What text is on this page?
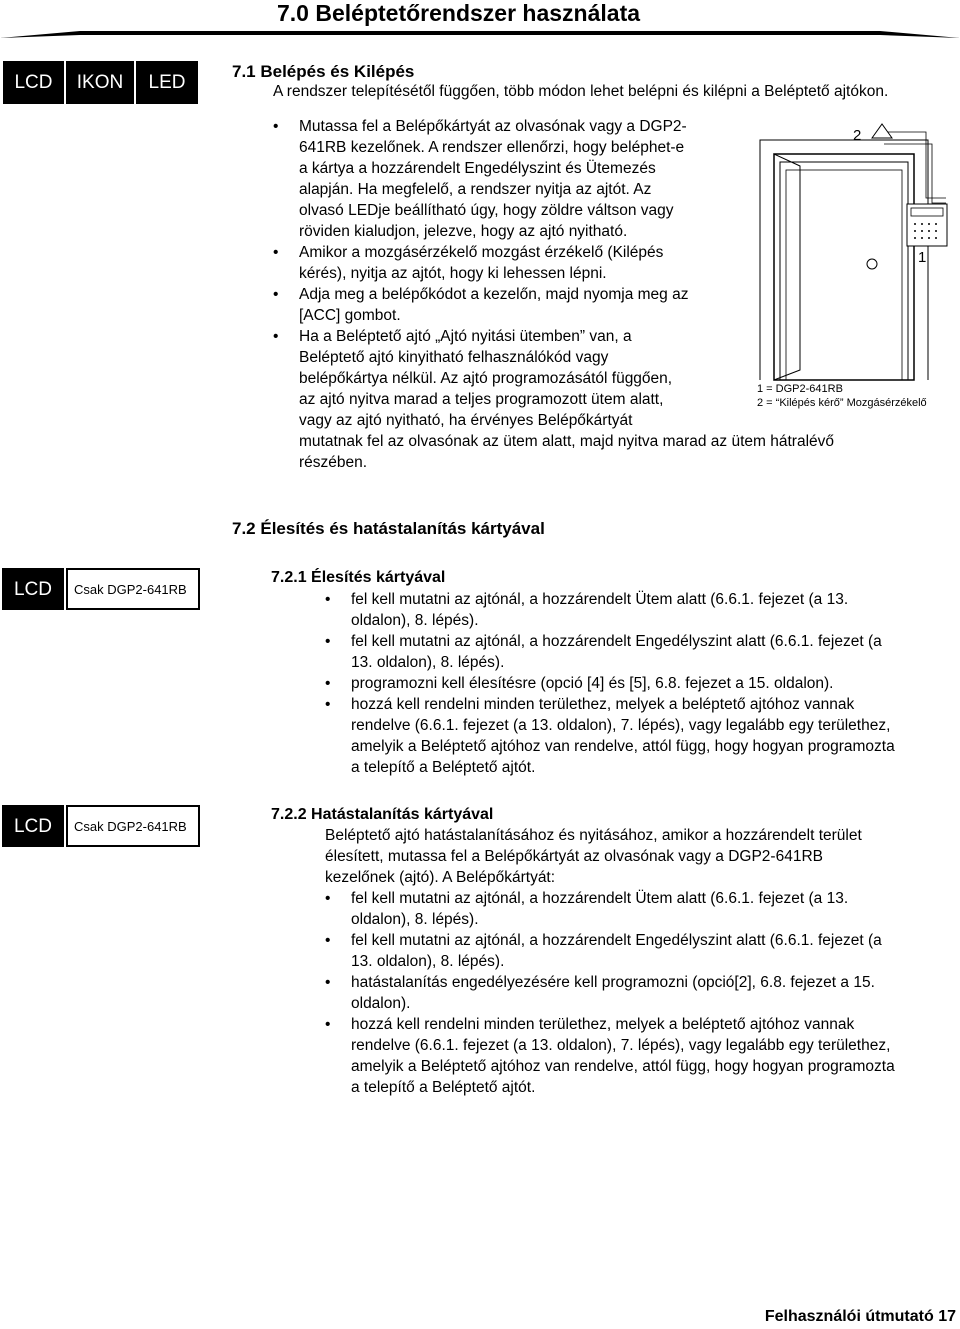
7.0 Beléptetőrendszer használata
LCD	IKON	LED
7.1 Belépés és Kilépés
A rendszer telepítésétől függően, több módon lehet belépni és kilépni a Beléptető ajtókon.
• Mutassa fel a Belépőkártyát az olvasónak vagy a DGP2-
641RB kezelőnek. A rendszer ellenőrzi, hogy beléphet-e
a kártya a hozzárendelt Engedélyszint és Ütemezés
alapján. Ha megfelelő, a rendszer nyitja az ajtót. Az
olvasó LEDje beállítható úgy, hogy zöldre váltson vagy
röviden kialudjon, jelezve, hogy az ajtó nyitható.
• Amikor a mozgásérzékelő mozgást érzékelő (Kilépés
kérés), nyitja az ajtót, hogy ki lehessen lépni.
• Adja meg a belépőkódot a kezelőn, majd nyomja meg az
[ACC] gombot.
• Ha a Beléptető ajtó „Ajtó nyitási ütemben” van, a
Beléptető ajtó kinyitható felhasználókód vagy
belépőkártya nélkül. Az ajtó programozásától függően,
az ajtó nyitva marad a teljes programozott ütem alatt,
vagy az ajtó nyitható, ha érvényes Belépőkártyát
mutatnak fel az olvasónak az ütem alatt, majd nyitva marad az ütem hátralévő
részében.
2
1
1 = DGP2-641RB
2 = “Kilépés kérő” Mozgásérzékelő
7.2 Élesítés és hatástalanítás kártyával
LCD	Csak DGP2-641RB
7.2.1 Élesítés kártyával
• fel kell mutatni az ajtónál, a hozzárendelt Ütem alatt (6.6.1. fejezet (a 13.
oldalon), 8. lépés).
• fel kell mutatni az ajtónál, a hozzárendelt Engedélyszint alatt (6.6.1. fejezet (a
13. oldalon), 8. lépés).
• programozni kell élesítésre (opció [4] és [5], 6.8. fejezet a 15. oldalon).
• hozzá kell rendelni minden területhez, melyek a beléptető ajtóhoz vannak
rendelve (6.6.1. fejezet (a 13. oldalon), 7. lépés), vagy legalább egy területhez,
amelyik a Beléptető ajtóhoz van rendelve, attól függ, hogy hogyan programozta
a telepítő a Beléptető ajtót.
LCD	Csak DGP2-641RB
7.2.2 Hatástalanítás kártyával
Beléptető ajtó hatástalanításához és nyitásához, amikor a hozzárendelt terület
élesített, mutassa fel a Belépőkártyát az olvasónak vagy a DGP2-641RB
kezelőnek (ajtó). A Belépőkártyát:
• fel kell mutatni az ajtónál, a hozzárendelt Ütem alatt (6.6.1. fejezet (a 13.
oldalon), 8. lépés).
• fel kell mutatni az ajtónál, a hozzárendelt Engedélyszint alatt (6.6.1. fejezet (a
13. oldalon), 8. lépés).
• hatástalanítás engedélyezésére kell programozni (opció[2], 6.8. fejezet a 15.
oldalon).
• hozzá kell rendelni minden területhez, melyek a beléptető ajtóhoz vannak
rendelve (6.6.1. fejezet (a 13. oldalon), 7. lépés), vagy legalább egy területhez,
amelyik a Beléptető ajtóhoz van rendelve, attól függ, hogy hogyan programozta
a telepítő a Beléptető ajtót.
Felhasználói útmutató 17
